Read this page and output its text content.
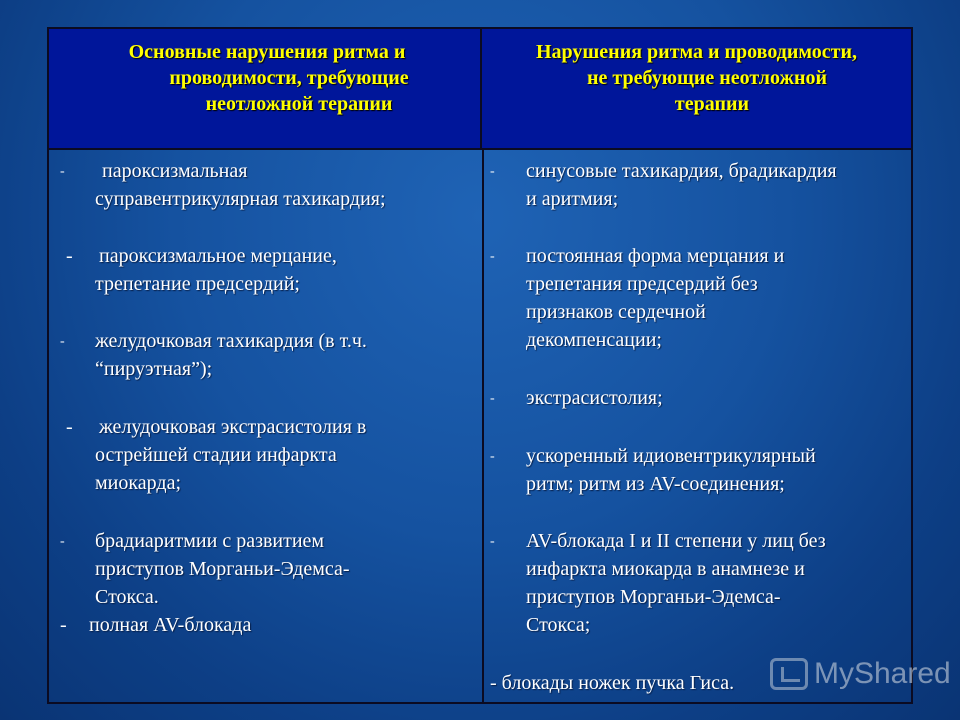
Основные нарушения ритма и
проводимости, требующие
неотложной терапии
Нарушения ритма и проводимости,
не требующие неотложной
терапии
- пароксизмальная
суправентрикулярная тахикардия;
- пароксизмальное мерцание,
трепетание предсердий;
- желудочковая тахикардия (в т.ч.
“пируэтная”);
- желудочковая экстрасистолия в
острейшей стадии инфаркта
миокарда;
- брадиаритмии с развитием
приступов Морганьи-Эдемса-
Стокса.
- полная AV-блокада
- синусовые тахикардия, брадикардия
и аритмия;
- постоянная форма мерцания и
трепетания предсердий без
признаков сердечной
декомпенсации;
- экстрасистолия;
- ускоренный идиовентрикулярный
ритм; ритм из AV-соединения;
- AV-блокада I и II степени у лиц без
инфаркта миокарда в анамнезе и
приступов Морганьи-Эдемса-
Стокса;
- блокады ножек пучка Гиса.	MyShared
